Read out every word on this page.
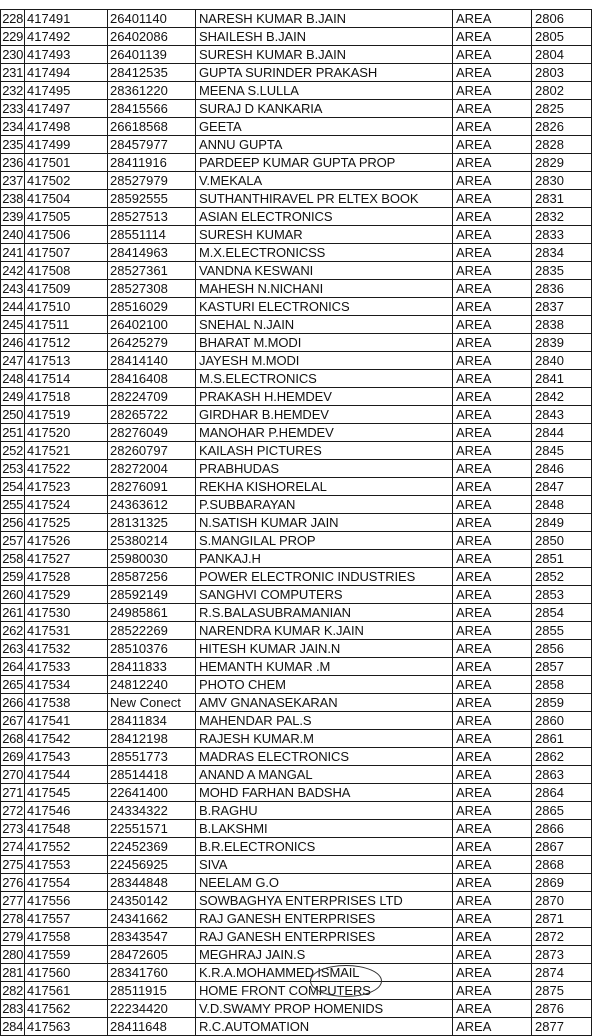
228	417491	26401140	NARESH KUMAR B.JAIN	AREA	2806
229	417492	26402086	SHAILESH B.JAIN	AREA	2805
230	417493	26401139	SURESH KUMAR B.JAIN	AREA	2804
231	417494	28412535	GUPTA SURINDER PRAKASH	AREA	2803
232	417495	28361220	MEENA S.LULLA	AREA	2802
233	417497	28415566	SURAJ D KANKARIA	AREA	2825
234	417498	26618568	GEETA	AREA	2826
235	417499	28457977	ANNU GUPTA	AREA	2828
236	417501	28411916	PARDEEP KUMAR GUPTA PROP	AREA	2829
237	417502	28527979	V.MEKALA	AREA	2830
238	417504	28592555	SUTHANTHIRAVEL PR ELTEX BOOK	AREA	2831
239	417505	28527513	ASIAN ELECTRONICS	AREA	2832
240	417506	28551114	SURESH KUMAR	AREA	2833
241	417507	28414963	M.X.ELECTRONICSS	AREA	2834
242	417508	28527361	VANDNA KESWANI	AREA	2835
243	417509	28527308	MAHESH N.NICHANI	AREA	2836
244	417510	28516029	KASTURI ELECTRONICS	AREA	2837
245	417511	26402100	SNEHAL N.JAIN	AREA	2838
246	417512	26425279	BHARAT M.MODI	AREA	2839
247	417513	28414140	JAYESH M.MODI	AREA	2840
248	417514	28416408	M.S.ELECTRONICS	AREA	2841
249	417518	28224709	PRAKASH H.HEMDEV	AREA	2842
250	417519	28265722	GIRDHAR B.HEMDEV	AREA	2843
251	417520	28276049	MANOHAR P.HEMDEV	AREA	2844
252	417521	28260797	KAILASH PICTURES	AREA	2845
253	417522	28272004	PRABHUDAS	AREA	2846
254	417523	28276091	REKHA KISHORELAL	AREA	2847
255	417524	24363612	P.SUBBARAYAN	AREA	2848
256	417525	28131325	N.SATISH KUMAR JAIN	AREA	2849
257	417526	25380214	S.MANGILAL PROP	AREA	2850
258	417527	25980030	PANKAJ.H	AREA	2851
259	417528	28587256	POWER ELECTRONIC INDUSTRIES	AREA	2852
260	417529	28592149	SANGHVI COMPUTERS	AREA	2853
261	417530	24985861	R.S.BALASUBRAMANIAN	AREA	2854
262	417531	28522269	NARENDRA KUMAR K.JAIN	AREA	2855
263	417532	28510376	HITESH KUMAR JAIN.N	AREA	2856
264	417533	28411833	HEMANTH KUMAR .M	AREA	2857
265	417534	24812240	PHOTO CHEM	AREA	2858
266	417538	New Conect	AMV GNANASEKARAN	AREA	2859
267	417541	28411834	MAHENDAR PAL.S	AREA	2860
268	417542	28412198	RAJESH KUMAR.M	AREA	2861
269	417543	28551773	MADRAS ELECTRONICS	AREA	2862
270	417544	28514418	ANAND A MANGAL	AREA	2863
271	417545	22641400	MOHD FARHAN BADSHA	AREA	2864
272	417546	24334322	B.RAGHU	AREA	2865
273	417548	22551571	B.LAKSHMI	AREA	2866
274	417552	22452369	B.R.ELECTRONICS	AREA	2867
275	417553	22456925	SIVA	AREA	2868
276	417554	28344848	NEELAM G.O	AREA	2869
277	417556	24350142	SOWBAGHYA ENTERPRISES LTD	AREA	2870
278	417557	24341662	RAJ GANESH ENTERPRISES	AREA	2871
279	417558	28343547	RAJ GANESH ENTERPRISES	AREA	2872
280	417559	28472605	MEGHRAJ JAIN.S	AREA	2873
281	417560	28341760	K.R.A.MOHAMMED ISMAIL	AREA	2874
282	417561	28511915	HOME FRONT COMPUTERS	AREA	2875
283	417562	22234420	V.D.SWAMY PROP HOMENIDS	AREA	2876
284	417563	28411648	R.C.AUTOMATION	AREA	2877
